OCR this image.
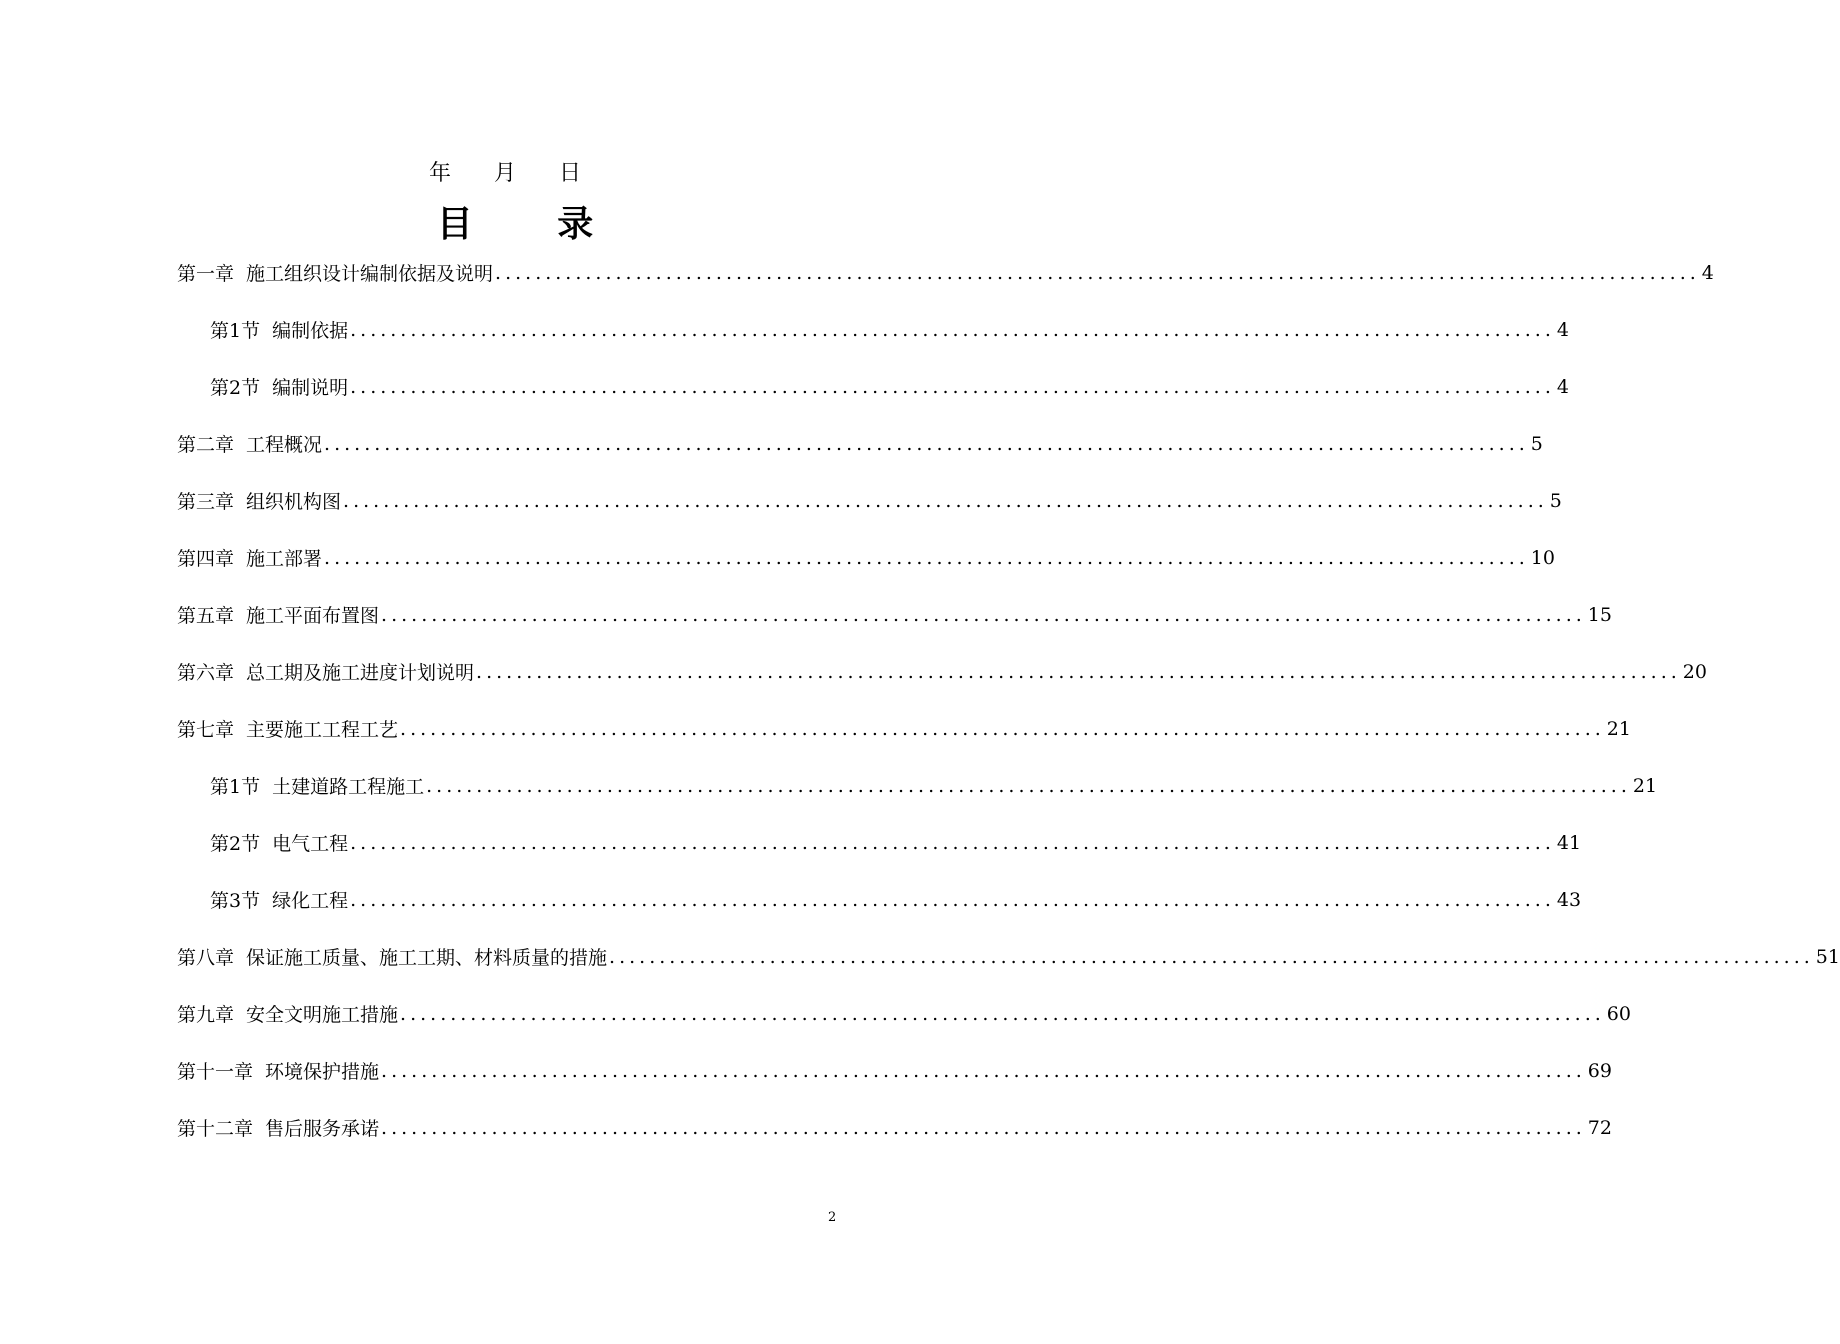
年 月 日
目 录
第一章 施工组织设计编制依据及说明 ........................................................................................................................ 4
第1节 编制依据 ........................................................................................................................ 4
第2节 编制说明 ........................................................................................................................ 4
第二章 工程概况 ........................................................................................................................ 5
第三章 组织机构图 ........................................................................................................................ 5
第四章 施工部署 ........................................................................................................................ 10
第五章 施工平面布置图 ........................................................................................................................ 15
第六章 总工期及施工进度计划说明 ........................................................................................................................ 20
第七章 主要施工工程工艺 ........................................................................................................................ 21
第1节 土建道路工程施工 ........................................................................................................................ 21
第2节 电气工程 ........................................................................................................................ 41
第3节 绿化工程 ........................................................................................................................ 43
第八章 保证施工质量、施工工期、材料质量的措施 ........................................................................................................................ 51
第九章 安全文明施工措施 ........................................................................................................................ 60
第十一章 环境保护措施 ........................................................................................................................ 69
第十二章 售后服务承诺 ........................................................................................................................ 72
2
